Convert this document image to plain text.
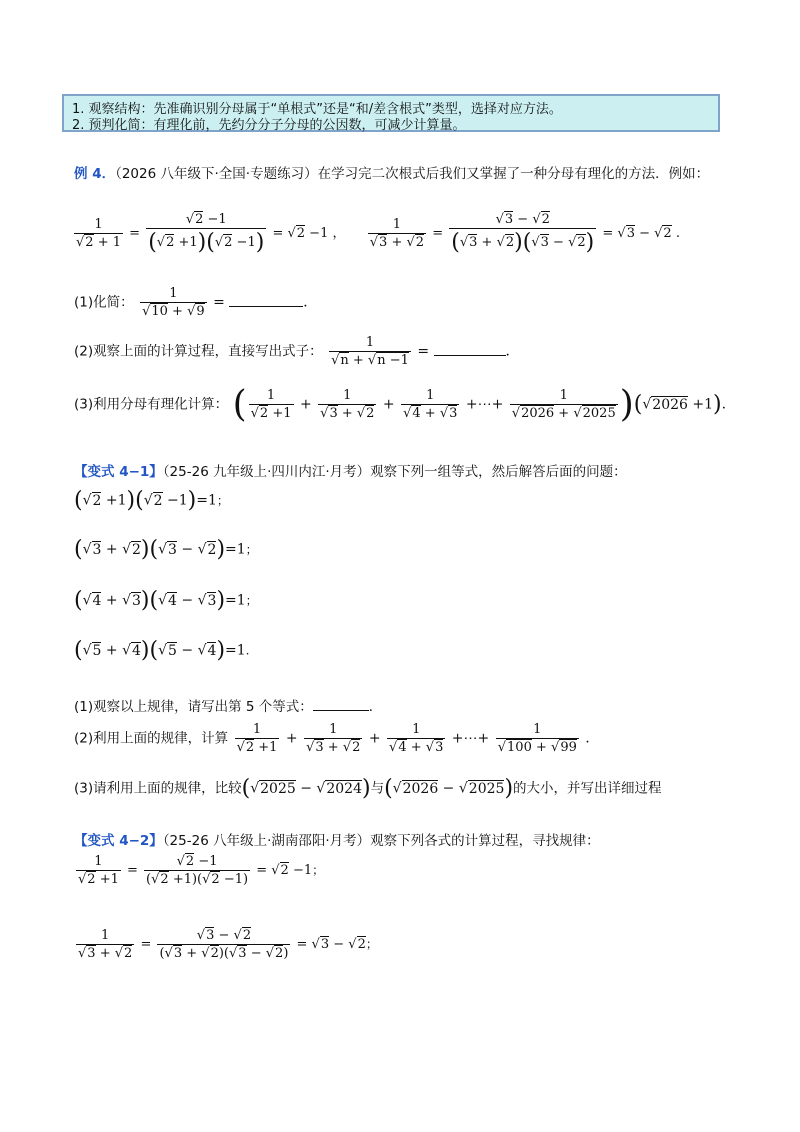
1. 观察结构：先准确识别分母属于“单根式”还是“和/差含根式”类型，选择对应方法。
2. 预判化简：有理化前，先约分分子分母的公因数，可减少计算量。
例 4．（2026 八年级下·全国·专题练习）在学习完二次根式后我们又掌握了一种分母有理化的方法．例如：
$\frac{1}{√2 + 1} = \frac{√2 -1}{(√2 +1)(√2 -1)} = √2 -1$ ， $\frac{1}{√3 + √2} = \frac{√3 - √2}{(√3 + √2)(√3 - √2)} = √3 - √2$ .
(1)化简： $\frac{1}{√10 + √9}$ =	．
(2)观察上面的计算过程，直接写出式子： $\frac{1}{√n + √n -1}$ =	．
(3)利用分母有理化计算： ( $\frac{1}{√2 +1} + \frac{1}{√3 + √2} + \frac{1}{√4 + √3}$ +⋯+ $\frac{1}{√2026 + √2025} )(√2026 +1)$.
【变式 4−1】（25-26 九年级上·四川内江·月考）观察下列一组等式，然后解答后面的问题：
(√2 +1)(√2 −1)=1；
(√3 + √2)(√3 − √2)=1；
(√4 + √3)(√4 − √3)=1；
(√5 + √4)(√5 − √4)=1.
(1)观察以上规律，请写出第 5 个等式：	．
(2)利用上面的规律，计算 $\frac{1}{√2 +1} + \frac{1}{√3 + √2} + \frac{1}{√4 + √3}$ +⋯+ $\frac{1}{√100 + √99}$ .
(3)请利用上面的规律，比较(√2025 − √2024)与(√2026 − √2025)的大小，并写出详细过程
【变式 4−2】（25-26 八年级上·湖南邵阳·月考）观察下列各式的计算过程，寻找规律：
$\frac{1}{√2 +1} = \frac{√2 -1}{(√2 +1)(√2 -1)} = √2 -1$；
$\frac{1}{√3 + √2} = \frac{√3 - √2}{(√3 + √2)(√3 - √2)} = √3 - √2$；
